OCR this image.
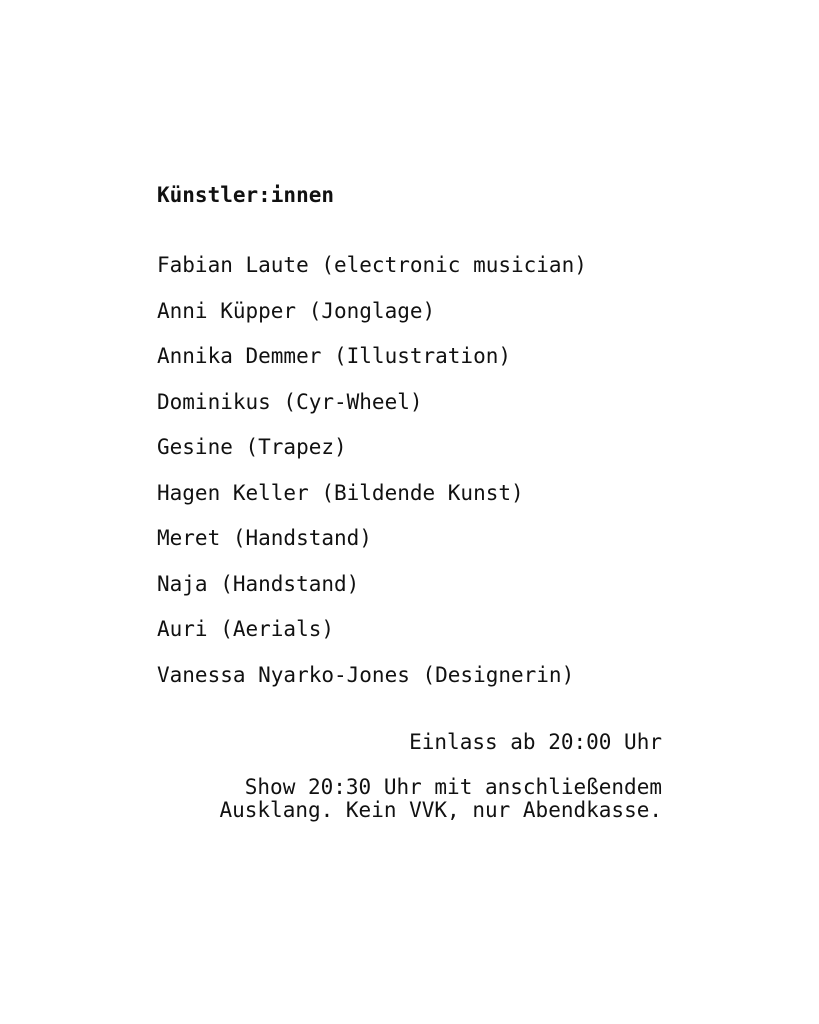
Künstler:innen
Fabian Laute (electronic musician)
Anni Küpper (Jonglage)
Annika Demmer (Illustration)
Dominikus (Cyr-Wheel)
Gesine (Trapez)
Hagen Keller (Bildende Kunst)
Meret (Handstand)
Naja (Handstand)
Auri (Aerials)
Vanessa Nyarko-Jones (Designerin)
Einlass ab 20:00 Uhr
Show 20:30 Uhr mit anschließendem Ausklang. Kein VVK, nur Abendkasse.
